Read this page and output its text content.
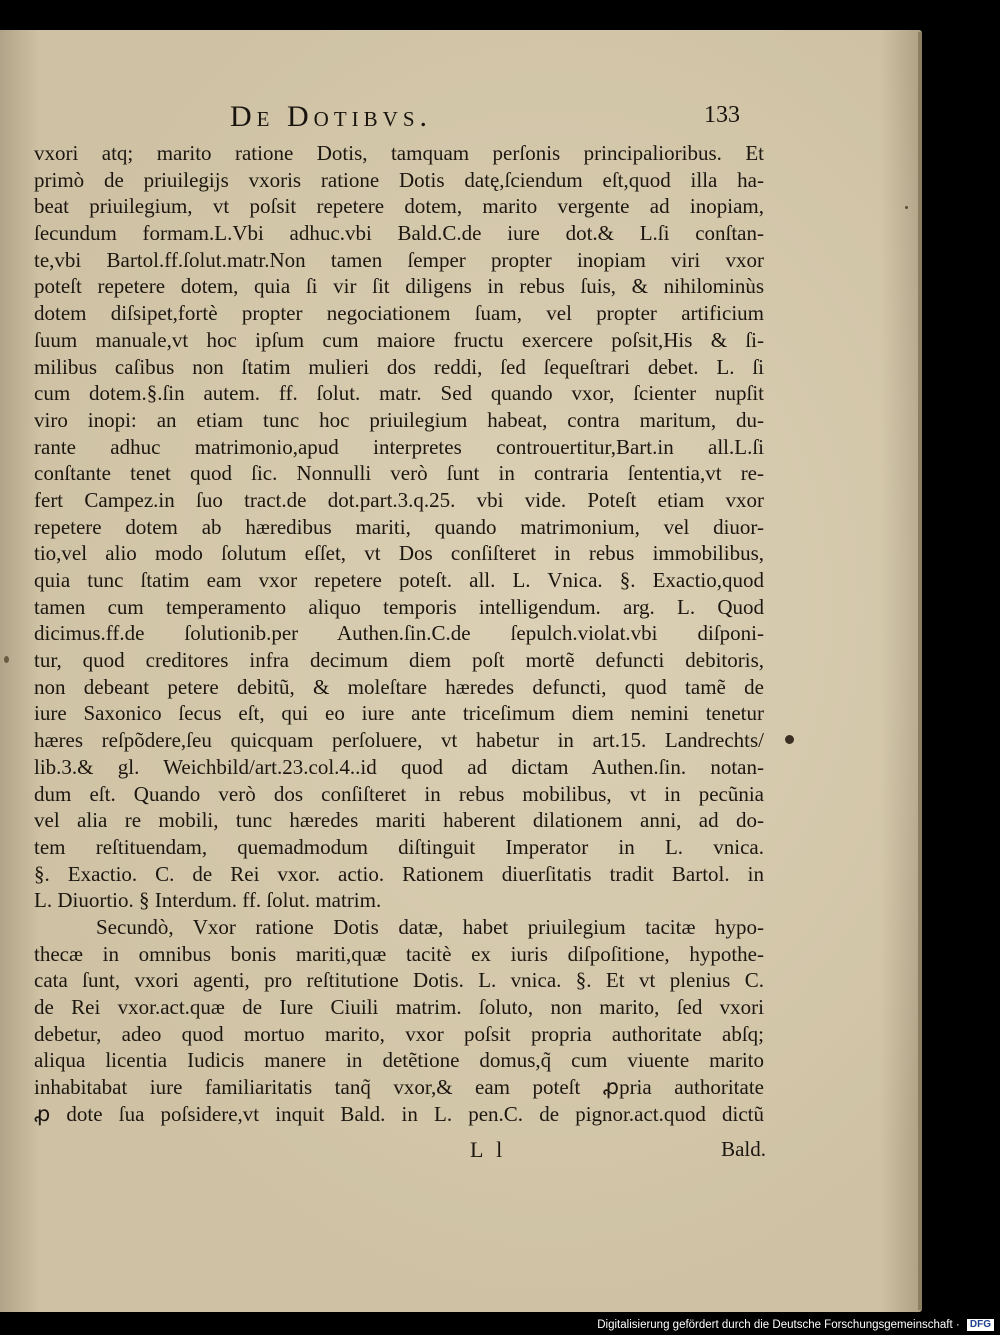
De Dotibvs.	133
vxori atq; marito ratione Dotis, tamquam perſonis principalioribus. Et
primò de priuilegijs vxoris ratione Dotis datę,ſciendum eſt,quod illa ha-
beat priuilegium, vt poſsit repetere dotem, marito vergente ad inopiam,
ſecundum formam.L.Vbi adhuc.vbi Bald.C.de iure dot.& L.ſi conſtan-
te,vbi Bartol.ff.ſolut.matr.Non tamen ſemper propter inopiam viri vxor
poteſt repetere dotem, quia ſi vir ſit diligens in rebus ſuis, & nihilominùs
dotem diſsipet,fortè propter negociationem ſuam, vel propter artificium
ſuum manuale,vt hoc ipſum cum maiore fructu exercere poſsit,His & ſi-
milibus caſibus non ſtatim mulieri dos reddi, ſed ſequeſtrari debet. L. ſi
cum dotem.§.ſin autem. ff. ſolut. matr. Sed quando vxor, ſcienter nupſit
viro inopi: an etiam tunc hoc priuilegium habeat, contra maritum, du-
rante adhuc matrimonio,apud interpretes controuertitur,Bart.in all.L.ſi
conſtante tenet quod ſic. Nonnulli verò ſunt in contraria ſententia,vt re-
fert Campez.in ſuo tract.de dot.part.3.q.25. vbi vide. Poteſt etiam vxor
repetere dotem ab hæredibus mariti, quando matrimonium, vel diuor-
tio,vel alio modo ſolutum eſſet, vt Dos conſiſteret in rebus immobilibus,
quia tunc ſtatim eam vxor repetere poteſt. all. L. Vnica. §. Exactio,quod
tamen cum temperamento aliquo temporis intelligendum. arg. L. Quod
dicimus.ff.de ſolutionib.per Authen.ſin.C.de ſepulch.violat.vbi diſponi-
tur, quod creditores infra decimum diem poſt mortẽ defuncti debitoris,
non debeant petere debitũ, & moleſtare hæredes defuncti, quod tamẽ de
iure Saxonico ſecus eſt, qui eo iure ante triceſimum diem nemini tenetur
hæres reſpõdere,ſeu quicquam perſoluere, vt habetur in art.15. Landrechts/
lib.3.& gl. Weichbild/art.23.col.4..id quod ad dictam Authen.ſin. notan-
dum eſt. Quando verò dos conſiſteret in rebus mobilibus, vt in pecũnia
vel alia re mobili, tunc hæredes mariti haberent dilationem anni, ad do-
tem reſtituendam, quemadmodum diſtinguit Imperator in L. vnica.
§. Exactio. C. de Rei vxor. actio. Rationem diuerſitatis tradit Bartol. in
L. Diuortio. § Interdum. ff. ſolut. matrim.
Secundò, Vxor ratione Dotis datæ, habet priuilegium tacitæ hypo-
thecæ in omnibus bonis mariti,quæ tacitè ex iuris diſpoſitione, hypothe-
cata ſunt, vxori agenti, pro reſtitutione Dotis. L. vnica. §. Et vt plenius C.
de Rei vxor.act.quæ de Iure Ciuili matrim. ſoluto, non marito, ſed vxori
debetur, adeo quod mortuo marito, vxor poſsit propria authoritate abſq;
aliqua licentia Iudicis manere in detẽtione domus,q̃ cum viuente marito
inhabitabat iure familiaritatis tanq̃ vxor,& eam poteſt ꝓpria authoritate
ꝓ dote ſua poſsidere,vt inquit Bald. in L. pen.C. de pignor.act.quod dictũ
L l	Bald.
Digitalisierung gefördert durch die Deutsche Forschungsgemeinschaft · DFG
